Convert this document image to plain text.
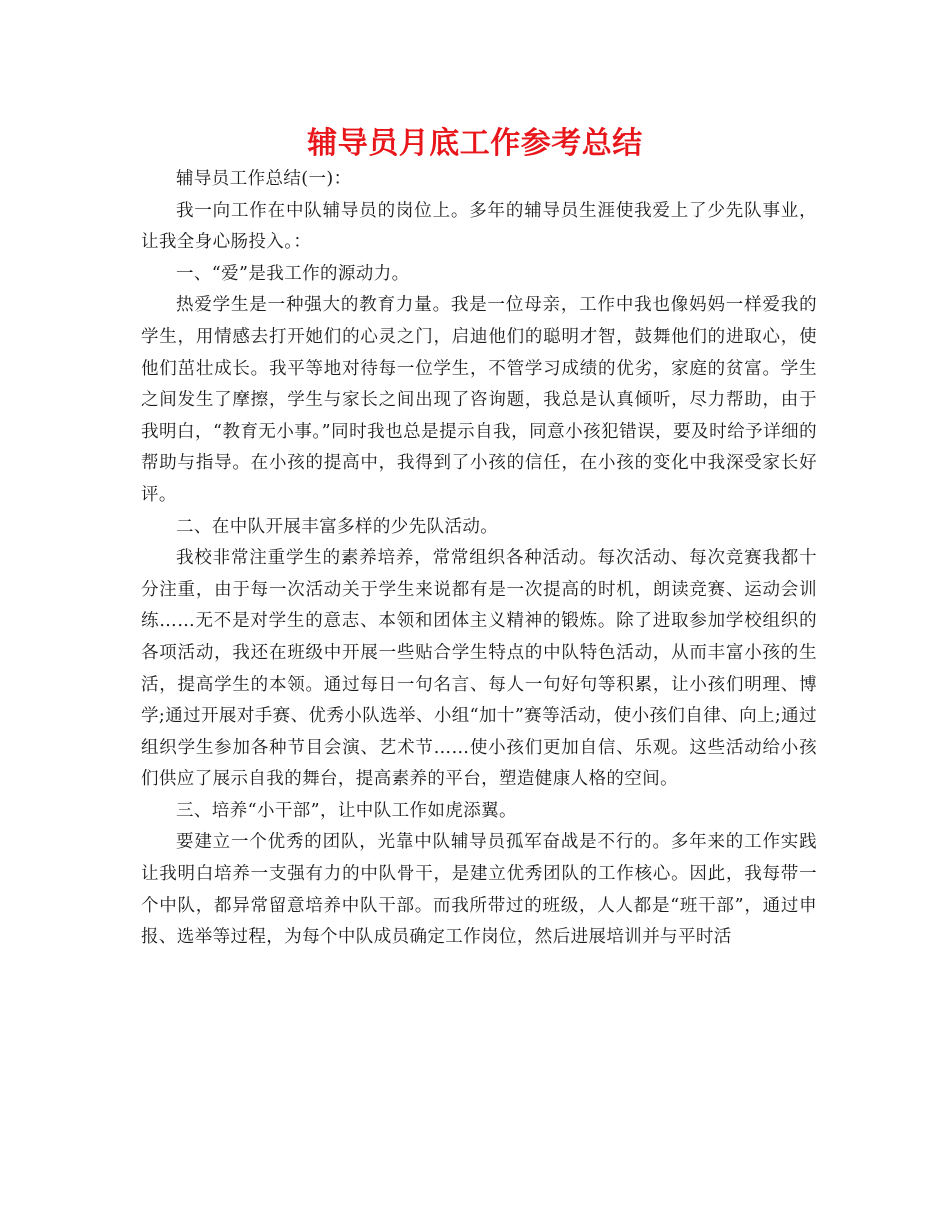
辅导员月底工作参考总结

辅导员工作总结(一)：

我一向工作在中队辅导员的岗位上。多年的辅导员生涯使我爱上了少先队事业，让我全身心肠投入。：

一、“爱”是我工作的源动力。

热爱学生是一种强大的教育力量。我是一位母亲，工作中我也像妈妈一样爱我的学生，用情感去打开她们的心灵之门，启迪他们的聪明才智，鼓舞他们的进取心，使他们茁壮成长。我平等地对待每一位学生，不管学习成绩的优劣，家庭的贫富。学生之间发生了摩擦，学生与家长之间出现了咨询题，我总是认真倾听，尽力帮助，由于我明白，“教育无小事。”同时我也总是提示自我，同意小孩犯错误，要及时给予详细的帮助与指导。在小孩的提高中，我得到了小孩的信任，在小孩的变化中我深受家长好评。

二、在中队开展丰富多样的少先队活动。

我校非常注重学生的素养培养，常常组织各种活动。每次活动、每次竞赛我都十分注重，由于每一次活动关于学生来说都有是一次提高的时机，朗读竞赛、运动会训练……无不是对学生的意志、本领和团体主义精神的锻炼。除了进取参加学校组织的各项活动，我还在班级中开展一些贴合学生特点的中队特色活动，从而丰富小孩的生活，提高学生的本领。通过每日一句名言、每人一句好句等积累，让小孩们明理、博学;通过开展对手赛、优秀小队选举、小组“加十”赛等活动，使小孩们自律、向上;通过组织学生参加各种节目会演、艺术节……使小孩们更加自信、乐观。这些活动给小孩们供应了展示自我的舞台，提高素养的平台，塑造健康人格的空间。

三、培养“小干部”，让中队工作如虎添翼。

要建立一个优秀的团队，光靠中队辅导员孤军奋战是不行的。多年来的工作实践让我明白培养一支强有力的中队骨干，是建立优秀团队的工作核心。因此，我每带一个中队，都异常留意培养中队干部。而我所带过的班级，人人都是“班干部”，通过申报、选举等过程，为每个中队成员确定工作岗位，然后进展培训并与平时活
